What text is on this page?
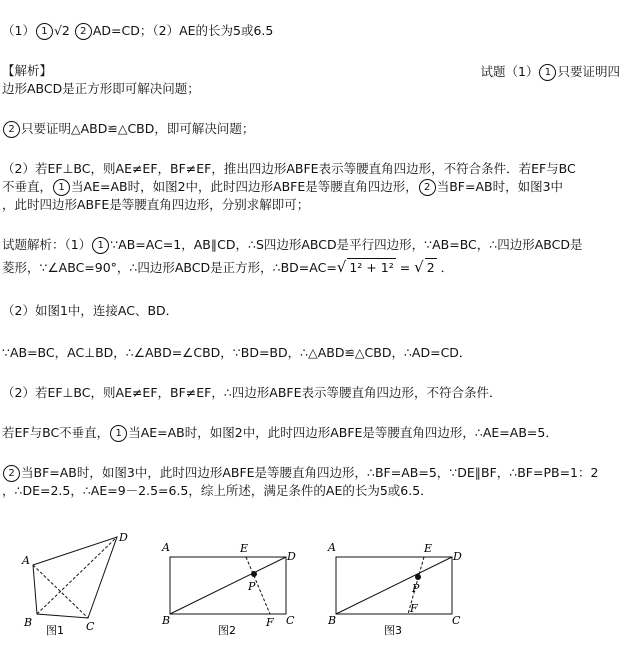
（1） 1 √2 2 AD=CD；（2）AE的长为5或6.5
【解析】	试题（1） 1 只要证明四
边形ABCD是正方形即可解决问题；
2 只要证明△ABD≌△CBD，即可解决问题；
（2）若EF⊥BC，则AE≠EF，BF≠EF，推出四边形ABFE表示等腰直角四边形，不符合条件．若EF与BC
不垂直， 1 当AE=AB时，如图2中，此时四边形ABFE是等腰直角四边形， 2 当BF=AB时，如图3中
，此时四边形ABFE是等腰直角四边形，分别求解即可；
试题解析：（1） 1 ∵AB=AC=1，AB∥CD，∴S四边形ABCD是平行四边形，∵AB=BC，∴四边形ABCD是
菱形，∵∠ABC=90°，∴四边形ABCD是正方形，∴BD=AC=√ 1² + 1² = √ 2 ．
（2）如图1中，连接AC、BD．
∵AB=BC，AC⊥BD，∴∠ABD=∠CBD，∵BD=BD，∴△ABD≌△CBD，∴AD=CD．
（2）若EF⊥BC，则AE≠EF，BF≠EF，∴四边形ABFE表示等腰直角四边形，不符合条件．
若EF与BC不垂直， 1 当AE=AB时，如图2中，此时四边形ABFE是等腰直角四边形，∴AE=AB=5．
2 当BF=AB时，如图3中，此时四边形ABFE是等腰直角四边形，∴BF=AB=5，∵DE∥BF，∴BF=PB=1：2
，∴DE=2.5，∴AE=9－2.5=6.5，综上所述，满足条件的AE的长为5或6.5．
A
D
B	C
图1
A	E
D
P
B	F C
图2
A	E
D
P
F
B	C
图3
